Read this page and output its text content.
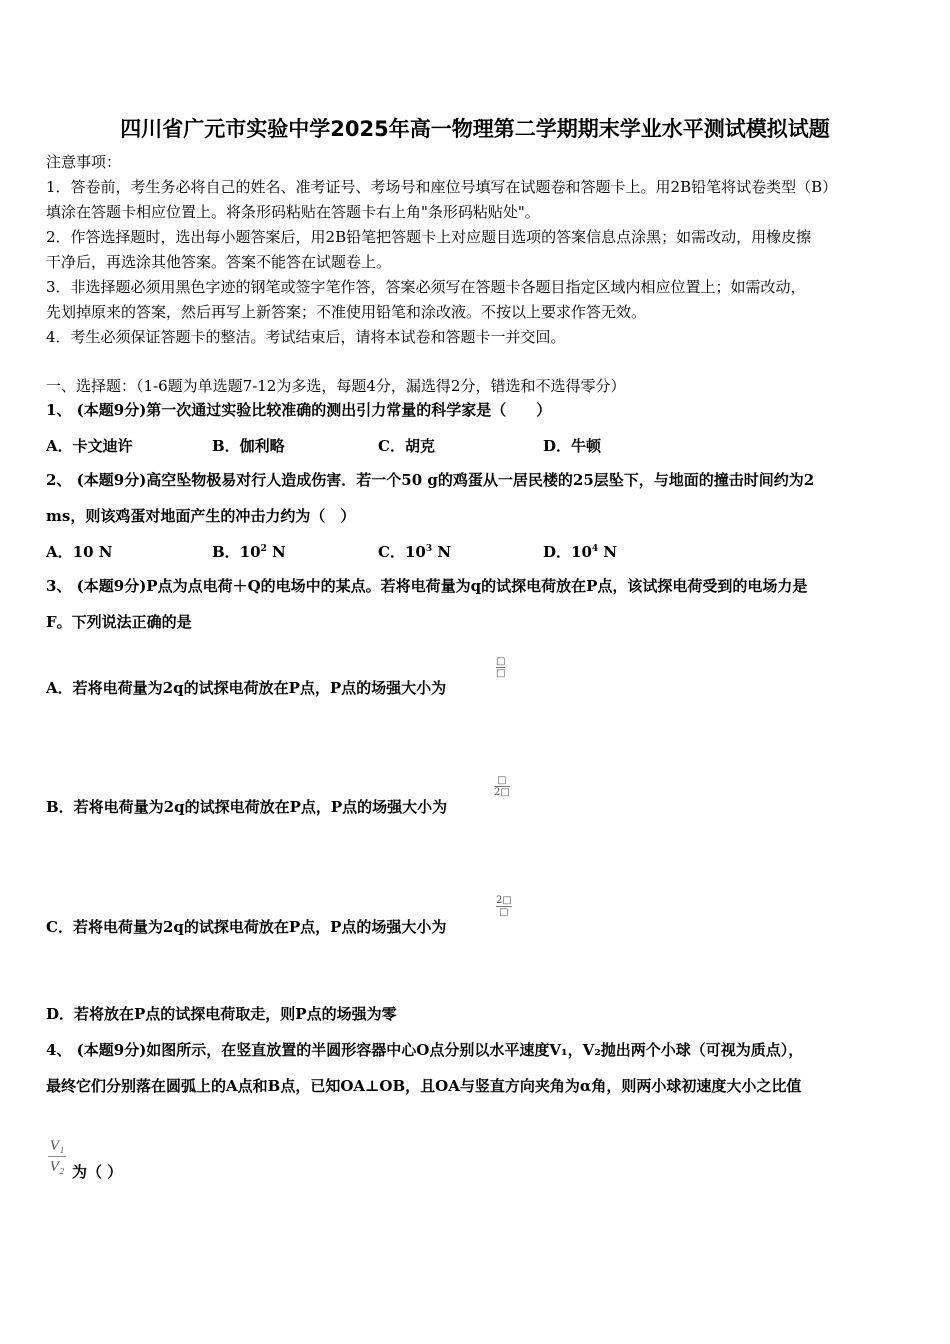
四川省广元市实验中学2025年高一物理第二学期期末学业水平测试模拟试题
注意事项：
1．答卷前，考生务必将自己的姓名、准考证号、考场号和座位号填写在试题卷和答题卡上。用2B铅笔将试卷类型（B）
填涂在答题卡相应位置上。将条形码粘贴在答题卡右上角"条形码粘贴处"。
2．作答选择题时，选出每小题答案后，用2B铅笔把答题卡上对应题目选项的答案信息点涂黑；如需改动，用橡皮擦
干净后，再选涂其他答案。答案不能答在试题卷上。
3．非选择题必须用黑色字迹的钢笔或签字笔作答，答案必须写在答题卡各题目指定区域内相应位置上；如需改动，
先划掉原来的答案，然后再写上新答案；不准使用铅笔和涂改液。不按以上要求作答无效。
4．考生必须保证答题卡的整洁。考试结束后，请将本试卷和答题卡一并交回。
一、选择题：（1-6题为单选题7-12为多选，每题4分，漏选得2分，错选和不选得零分）
1、 (本题9分)第一次通过实验比较准确的测出引力常量的科学家是（　　）
A．卡文迪许	B．伽利略	C．胡克	D．牛顿
2、 (本题9分)高空坠物极易对行人造成伤害．若一个50 g的鸡蛋从一居民楼的25层坠下，与地面的撞击时间约为2
ms，则该鸡蛋对地面产生的冲击力约为（　）
A．10 N	B．$10^2$ N	C．$10^3$ N	D．$10^4$ N
3、 (本题9分)P点为点电荷＋Q的电场中的某点。若将电荷量为q的试探电荷放在P点，该试探电荷受到的电场力是
F。下列说法正确的是
A．若将电荷量为2q的试探电荷放在P点，P点的场强大小为
□
□
B．若将电荷量为2q的试探电荷放在P点，P点的场强大小为
□
2□
C．若将电荷量为2q的试探电荷放在P点，P点的场强大小为
2□
□
D．若将放在P点的试探电荷取走，则P点的场强为零
4、 (本题9分)如图所示，在竖直放置的半圆形容器中心O点分别以水平速度V₁，V₂抛出两个小球（可视为质点），
最终它们分别落在圆弧上的A点和B点，已知OA⊥OB，且OA与竖直方向夹角为α角，则两小球初速度大小之比值
V₁
V₂ 为（ ）
